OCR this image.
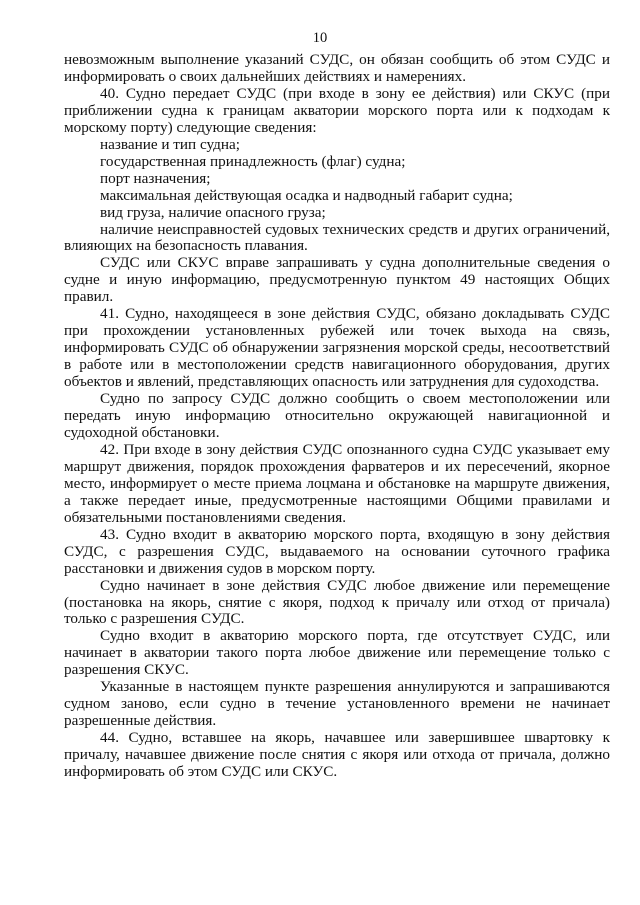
10

невозможным выполнение указаний СУДС, он обязан сообщить об этом СУДС и информировать о своих дальнейших действиях и намерениях.

40. Судно передает СУДС (при входе в зону ее действия) или СКУС (при приближении судна к границам акватории морского порта или к подходам к морскому порту) следующие сведения:

название и тип судна;

государственная принадлежность (флаг) судна;

порт назначения;

максимальная действующая осадка и надводный габарит судна;

вид груза, наличие опасного груза;

наличие неисправностей судовых технических средств и других ограничений, влияющих на безопасность плавания.

СУДС или СКУС вправе запрашивать у судна дополнительные сведения о судне и иную информацию, предусмотренную пунктом 49 настоящих Общих правил.

41. Судно, находящееся в зоне действия СУДС, обязано докладывать СУДС при прохождении установленных рубежей или точек выхода на связь, информировать СУДС об обнаружении загрязнения морской среды, несоответствий в работе или в местоположении средств навигационного оборудования, других объектов и явлений, представляющих опасность или затруднения для судоходства.

Судно по запросу СУДС должно сообщить о своем местоположении или передать иную информацию относительно окружающей навигационной и судоходной обстановки.

42. При входе в зону действия СУДС опознанного судна СУДС указывает ему маршрут движения, порядок прохождения фарватеров и их пересечений, якорное место, информирует о месте приема лоцмана и обстановке на маршруте движения, а также передает иные, предусмотренные настоящими Общими правилами и обязательными постановлениями сведения.

43. Судно входит в акваторию морского порта, входящую в зону действия СУДС, с разрешения СУДС, выдаваемого на основании суточного графика расстановки и движения судов в морском порту.

Судно начинает в зоне действия СУДС любое движение или перемещение (постановка на якорь, снятие с якоря, подход к причалу или отход от причала) только с разрешения СУДС.

Судно входит в акваторию морского порта, где отсутствует СУДС, или начинает в акватории такого порта любое движение или перемещение только с разрешения СКУС.

Указанные в настоящем пункте разрешения аннулируются и запрашиваются судном заново, если судно в течение установленного времени не начинает разрешенные действия.

44. Судно, вставшее на якорь, начавшее или завершившее швартовку к причалу, начавшее движение после снятия с якоря или отхода от причала, должно информировать об этом СУДС или СКУС.
